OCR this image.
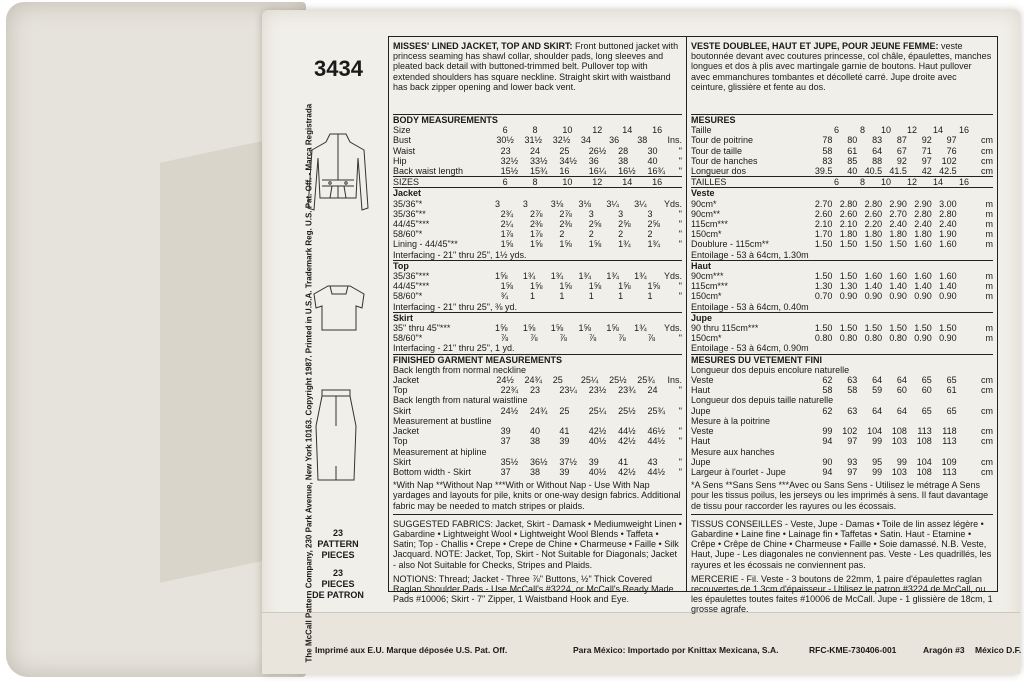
The McCall Pattern Company, 230 Park Avenue, New York 10163. Copyright 1987. Printed in U.S.A. Trademark Reg. U.S. Pat. Off. - Marca Registrada
3434
23
PATTERN
PIECES
23
PIECES
DE PATRON
MISSES' LINED JACKET, TOP AND SKIRT: Front buttoned jacket with princess seaming has shawl collar, shoulder pads, long sleeves and pleated back detail with buttoned-trimmed belt. Pullover top with extended shoulders has square neckline. Straight skirt with waistband has back zipper opening and lower back vent.
BODY MEASUREMENTS
Size	6	8	10	12	14	16
Bust	30½	31½	32½	34	36	38	Ins.
Waist	23	24	25	26½	28	30	"
Hip	32½	33½	34½	36	38	40	"
Back waist length	15½	15¾	16	16¼	16½	16¾	"
SIZES	6	8	10	12	14	16
Jacket
35/36"*	3	3	3⅛	3⅛	3¼	3¼	Yds.
35/36"**	2¾	2⅞	2⅞	3	3	3	"
44/45"***	2¼	2⅜	2⅜	2⅝	2⅝	2⅝	"
58/60"*	1⅞	1⅞	2	2	2	2	"
Lining - 44/45"**	1⅝	1⅝	1⅝	1⅝	1¾	1¾	"
Interfacing - 21" thru 25", 1½ yds.
Top
35/36"***	1⅝	1¾	1¾	1¾	1¾	1¾	Yds.
44/45"***	1⅝	1⅝	1⅝	1⅝	1⅝	1⅝	"
58/60"*	¾	1	1	1	1	1	"
Interfacing - 21" thru 25", ⅜ yd.
Skirt
35" thru 45"***	1⅝	1⅝	1⅝	1⅝	1⅝	1¾	Yds.
58/60"*	⅞	⅞	⅞	⅞	⅞	⅞	"
Interfacing - 21" thru 25", 1 yd.
FINISHED GARMENT MEASUREMENTS
Back length from normal neckline
Jacket	24½	24¾	25	25¼	25½	25¾	Ins.
Top	22¾	23	23¼	23½	23¾	24	"
Back length from natural waistline
Skirt	24½	24¾	25	25¼	25½	25¾	"
Measurement at bustline
Jacket	39	40	41	42½	44½	46½	"
Top	37	38	39	40½	42½	44½	"
Measurement at hipline
Skirt	35½	36½	37½	39	41	43	"
Bottom width - Skirt	37	38	39	40½	42½	44½	"
*With Nap **Without Nap ***With or Without Nap - Use With Nap yardages and layouts for pile, knits or one-way design fabrics. Additional fabric may be needed to match stripes or plaids.
SUGGESTED FABRICS: Jacket, Skirt - Damask • Mediumweight Linen • Gabardine • Lightweight Wool • Lightweight Wool Blends • Taffeta • Satin; Top - Challis • Crepe • Crepe de Chine • Charmeuse • Faille • Silk Jacquard. NOTE: Jacket, Top, Skirt - Not Suitable for Diagonals; Jacket - also Not Suitable for Checks, Stripes and Plaids.
NOTIONS: Thread; Jacket - Three ⅞" Buttons, ½" Thick Covered Raglan Shoulder Pads - Use McCall's #3224, or McCall's Ready Made Pads #10006; Skirt - 7" Zipper, 1 Waistband Hook and Eye.
VESTE DOUBLEE, HAUT ET JUPE, POUR JEUNE FEMME: veste boutonnée devant avec coutures princesse, col châle, épaulettes, manches longues et dos à plis avec martingale garnie de boutons. Haut pullover avec emmanchures tombantes et décolleté carré. Jupe droite avec ceinture, glissière et fente au dos.
MESURES
Taille	6	8	10	12	14	16
Tour de poitrine	78	80	83	87	92	97	cm
Tour de taille	58	61	64	67	71	76	cm
Tour de hanches	83	85	88	92	97	102	cm
Longueur dos	39.5	40 40.5 41.5	42 42.5	cm
TAILLES	6	8	10	12	14	16
Veste
90cm*	2.70 2.80 2.80 2.90 2.90 3.00	m
90cm**	2.60 2.60 2.60 2.70 2.80 2.80	m
115cm***	2.10 2.10 2.20 2.40 2.40 2.40	m
150cm*	1.70 1.80 1.80 1.80 1.80 1.90	m
Doublure - 115cm**	1.50 1.50 1.50 1.50 1.60 1.60	m
Entoilage - 53 à 64cm, 1.30m
Haut
90cm***	1.50 1.50 1.60 1.60 1.60 1.60	m
115cm***	1.30 1.30 1.40 1.40 1.40 1.40	m
150cm*	0.70 0.90 0.90 0.90 0.90 0.90	m
Entoilage - 53 à 64cm, 0.40m
Jupe
90 thru 115cm***	1.50 1.50 1.50 1.50 1.50 1.50	m
150cm*	0.80 0.80 0.80 0.80 0.90 0.90	m
Entoilage - 53 à 64cm, 0.90m
MESURES DU VETEMENT FINI
Longueur dos depuis encolure naturelle
Veste	62	63	64	64	65	65	cm
Haut	58	58	59	60	60	61	cm
Longueur dos depuis taille naturelle
Jupe	62	63	64	64	65	65	cm
Mesure à la poitrine
Veste	99	102	104	108	113	118	cm
Haut	94	97	99	103	108	113	cm
Mesure aux hanches
Jupe	90	93	95	99	104	109	cm
Largeur à l'ourlet - Jupe	94	97	99	103	108	113	cm
*A Sens **Sans Sens ***Avec ou Sans Sens - Utilisez le métrage A Sens pour les tissus poilus, les jerseys ou les imprimés à sens. Il faut davantage de tissu pour raccorder les rayures ou les écossais.
TISSUS CONSEILLES - Veste, Jupe - Damas • Toile de lin assez légère • Gabardine • Laine fine • Lainage fin • Taffetas • Satin. Haut - Etamine • Crêpe • Crêpe de Chine • Charmeuse • Faille • Soie damassé. N.B. Veste, Haut, Jupe - Les diagonales ne conviennent pas. Veste - Les quadrillés, les rayures et les écossais ne conviennent pas.
MERCERIE - Fil. Veste - 3 boutons de 22mm, 1 paire d'épaulettes raglan recouvertes de 1.3cm d'épaisseur - Utilisez le patron #3224 de McCall, ou les épaulettes toutes faites #10006 de McCall. Jupe - 1 glissière de 18cm, 1 grosse agrafe.
Imprimé aux E.U. Marque déposée U.S. Pat. Off.	Para México: Importado por Knittax Mexicana, S.A.	RFC-KME-730406-001	Aragón #3 México D.F.
